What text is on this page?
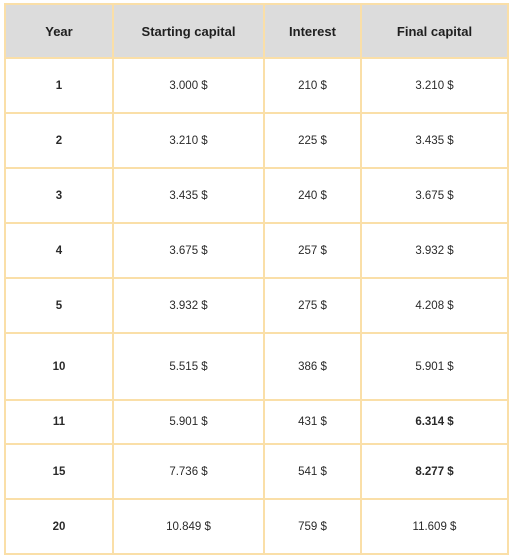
Year	Starting capital	Interest	Final capital
1	3.000 $	210 $	3.210 $
2	3.210 $	225 $	3.435 $
3	3.435 $	240 $	3.675 $
4	3.675 $	257 $	3.932 $
5	3.932 $	275 $	4.208 $
10	5.515 $	386 $	5.901 $
11	5.901 $	431 $	6.314 $
15	7.736 $	541 $	8.277 $
20	10.849 $	759 $	11.609 $
